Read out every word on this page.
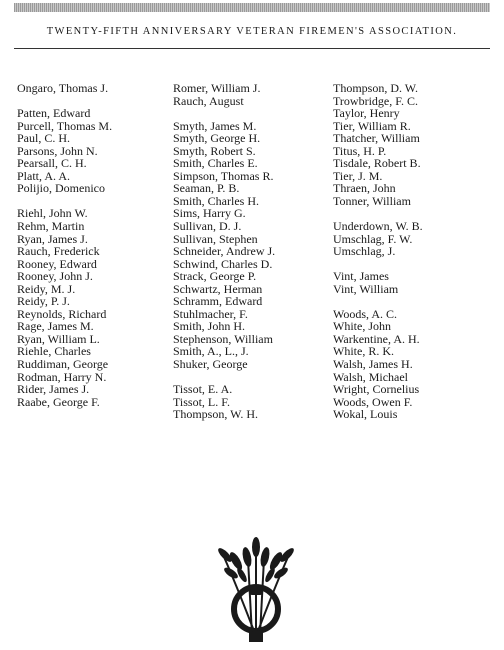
TWENTY-FIFTH ANNIVERSARY VETERAN FIREMEN'S ASSOCIATION.
Ongaro, Thomas J.
Patten, Edward
Purcell, Thomas M.
Paul, C. H.
Parsons, John N.
Pearsall, C. H.
Platt, A. A.
Polijio, Domenico
Riehl, John W.
Rehm, Martin
Ryan, James J.
Rauch, Frederick
Rooney, Edward
Rooney, John J.
Reidy, M. J.
Reidy, P. J.
Reynolds, Richard
Rage, James M.
Ryan, William L.
Riehle, Charles
Ruddiman, George
Rodman, Harry N.
Rider, James J.
Raabe, George F.
Romer, William J.
Rauch, August
Smyth, James M.
Smyth, George H.
Smyth, Robert S.
Smith, Charles E.
Simpson, Thomas R.
Seaman, P. B.
Smith, Charles H.
Sims, Harry G.
Sullivan, D. J.
Sullivan, Stephen
Schneider, Andrew J.
Schwind, Charles D.
Strack, George P.
Schwartz, Herman
Schramm, Edward
Stuhlmacher, F.
Smith, John H.
Stephenson, William
Smith, A., L., J.
Shuker, George
Tissot, E. A.
Tissot, L. F.
Thompson, W. H.
Thompson, D. W.
Trowbridge, F. C.
Taylor, Henry
Tier, William R.
Thatcher, William
Titus, H. P.
Tisdale, Robert B.
Tier, J. M.
Thraen, John
Tonner, William
Underdown, W. B.
Umschlag, F. W.
Umschlag, J.
Vint, James
Vint, William
Woods, A. C.
White, John
Warkentine, A. H.
White, R. K.
Walsh, James H.
Walsh, Michael
Wright, Cornelius
Woods, Owen F.
Wokal, Louis
